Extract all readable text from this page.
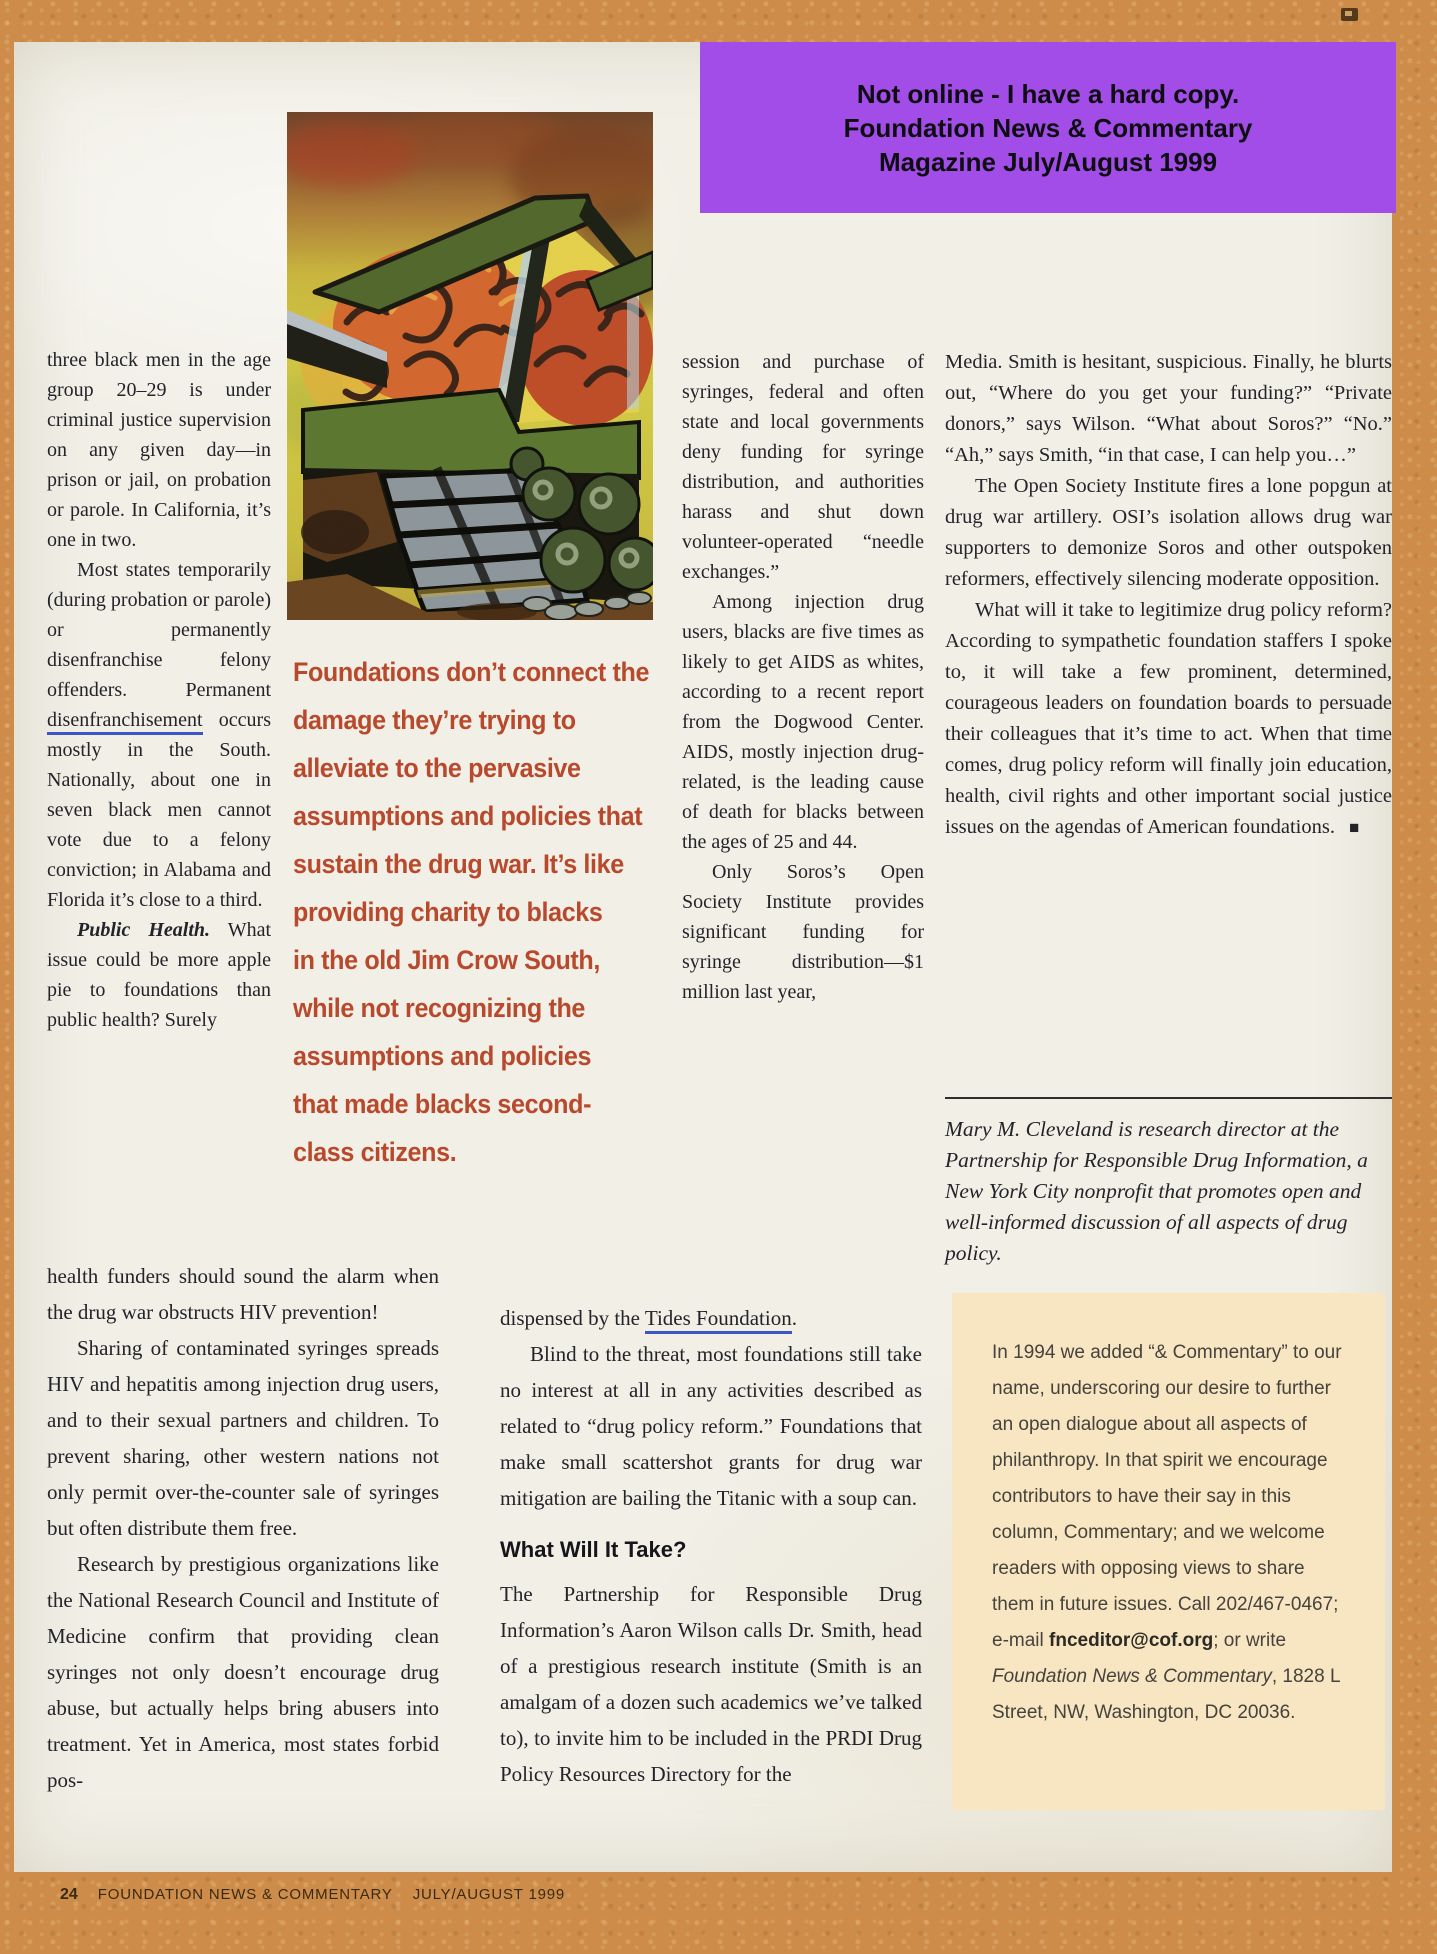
Not online - I have a hard copy.
Foundation News & Commentary
Magazine July/August 1999

three black men in the age group 20–29 is under criminal justice supervision on any given day—in prison or jail, on probation or parole. In California, it’s one in two.

Most states temporarily (during probation or parole) or permanently disenfranchise felony offenders. Permanent disenfranchisement occurs mostly in the South. Nationally, about one in seven black men cannot vote due to a felony conviction; in Alabama and Florida it’s close to a third.

Public Health. What issue could be more apple pie to foundations than public health? Surely

Foundations don’t connect the
damage they’re trying to
alleviate to the pervasive
assumptions and policies that
sustain the drug war. It’s like
providing charity to blacks
in the old Jim Crow South,
while not recognizing the
assumptions and policies
that made blacks second-
class citizens.

health funders should sound the alarm when the drug war obstructs HIV prevention!

Sharing of contaminated syringes spreads HIV and hepatitis among injection drug users, and to their sexual partners and children. To prevent sharing, other western nations not only permit over-the-counter sale of syringes but often distribute them free.

Research by prestigious organizations like the National Research Council and Institute of Medicine confirm that providing clean syringes not only doesn’t encourage drug abuse, but actually helps bring abusers into treatment. Yet in America, most states forbid pos-

session and purchase of syringes, federal and often state and local governments deny funding for syringe distribution, and authorities harass and shut down volunteer-operated “needle exchanges.”

Among injection drug users, blacks are five times as likely to get AIDS as whites, according to a recent report from the Dogwood Center. AIDS, mostly injection drug-related, is the leading cause of death for blacks between the ages of 25 and 44.

Only Soros’s Open Society Institute provides significant funding for syringe distribution—$1 million last year,

dispensed by the Tides Foundation.

Blind to the threat, most foundations still take no interest at all in any activities described as related to “drug policy reform.” Foundations that make small scattershot grants for drug war mitigation are bailing the Titanic with a soup can.

What Will It Take?

The Partnership for Responsible Drug Information’s Aaron Wilson calls Dr. Smith, head of a prestigious research institute (Smith is an amalgam of a dozen such academics we’ve talked to), to invite him to be included in the PRDI Drug Policy Resources Directory for the

Media. Smith is hesitant, suspicious. Finally, he blurts out, “Where do you get your funding?” “Private donors,” says Wilson. “What about Soros?” “No.” “Ah,” says Smith, “in that case, I can help you…”

The Open Society Institute fires a lone popgun at drug war artillery. OSI’s isolation allows drug war supporters to demonize Soros and other outspoken reformers, effectively silencing moderate opposition.

What will it take to legitimize drug policy reform? According to sympathetic foundation staffers I spoke to, it will take a few prominent, determined, courageous leaders on foundation boards to persuade their colleagues that it’s time to act. When that time comes, drug policy reform will finally join education, health, civil rights and other important social justice issues on the agendas of American foundations. ■

Mary M. Cleveland is research director at the Partnership for Responsible Drug Information, a New York City nonprofit that promotes open and well-informed discussion of all aspects of drug policy.
In 1994 we added “& Commentary” to our name, underscoring our desire to further an open dialogue about all aspects of philanthropy. In that spirit we encourage contributors to have their say in this column, Commentary; and we welcome readers with opposing views to share them in future issues. Call 202/467-0467; e-mail fnceditor@cof.org; or write Foundation News & Commentary, 1828 L Street, NW, Washington, DC 20036.
24 FOUNDATION NEWS & COMMENTARY JULY/AUGUST 1999
